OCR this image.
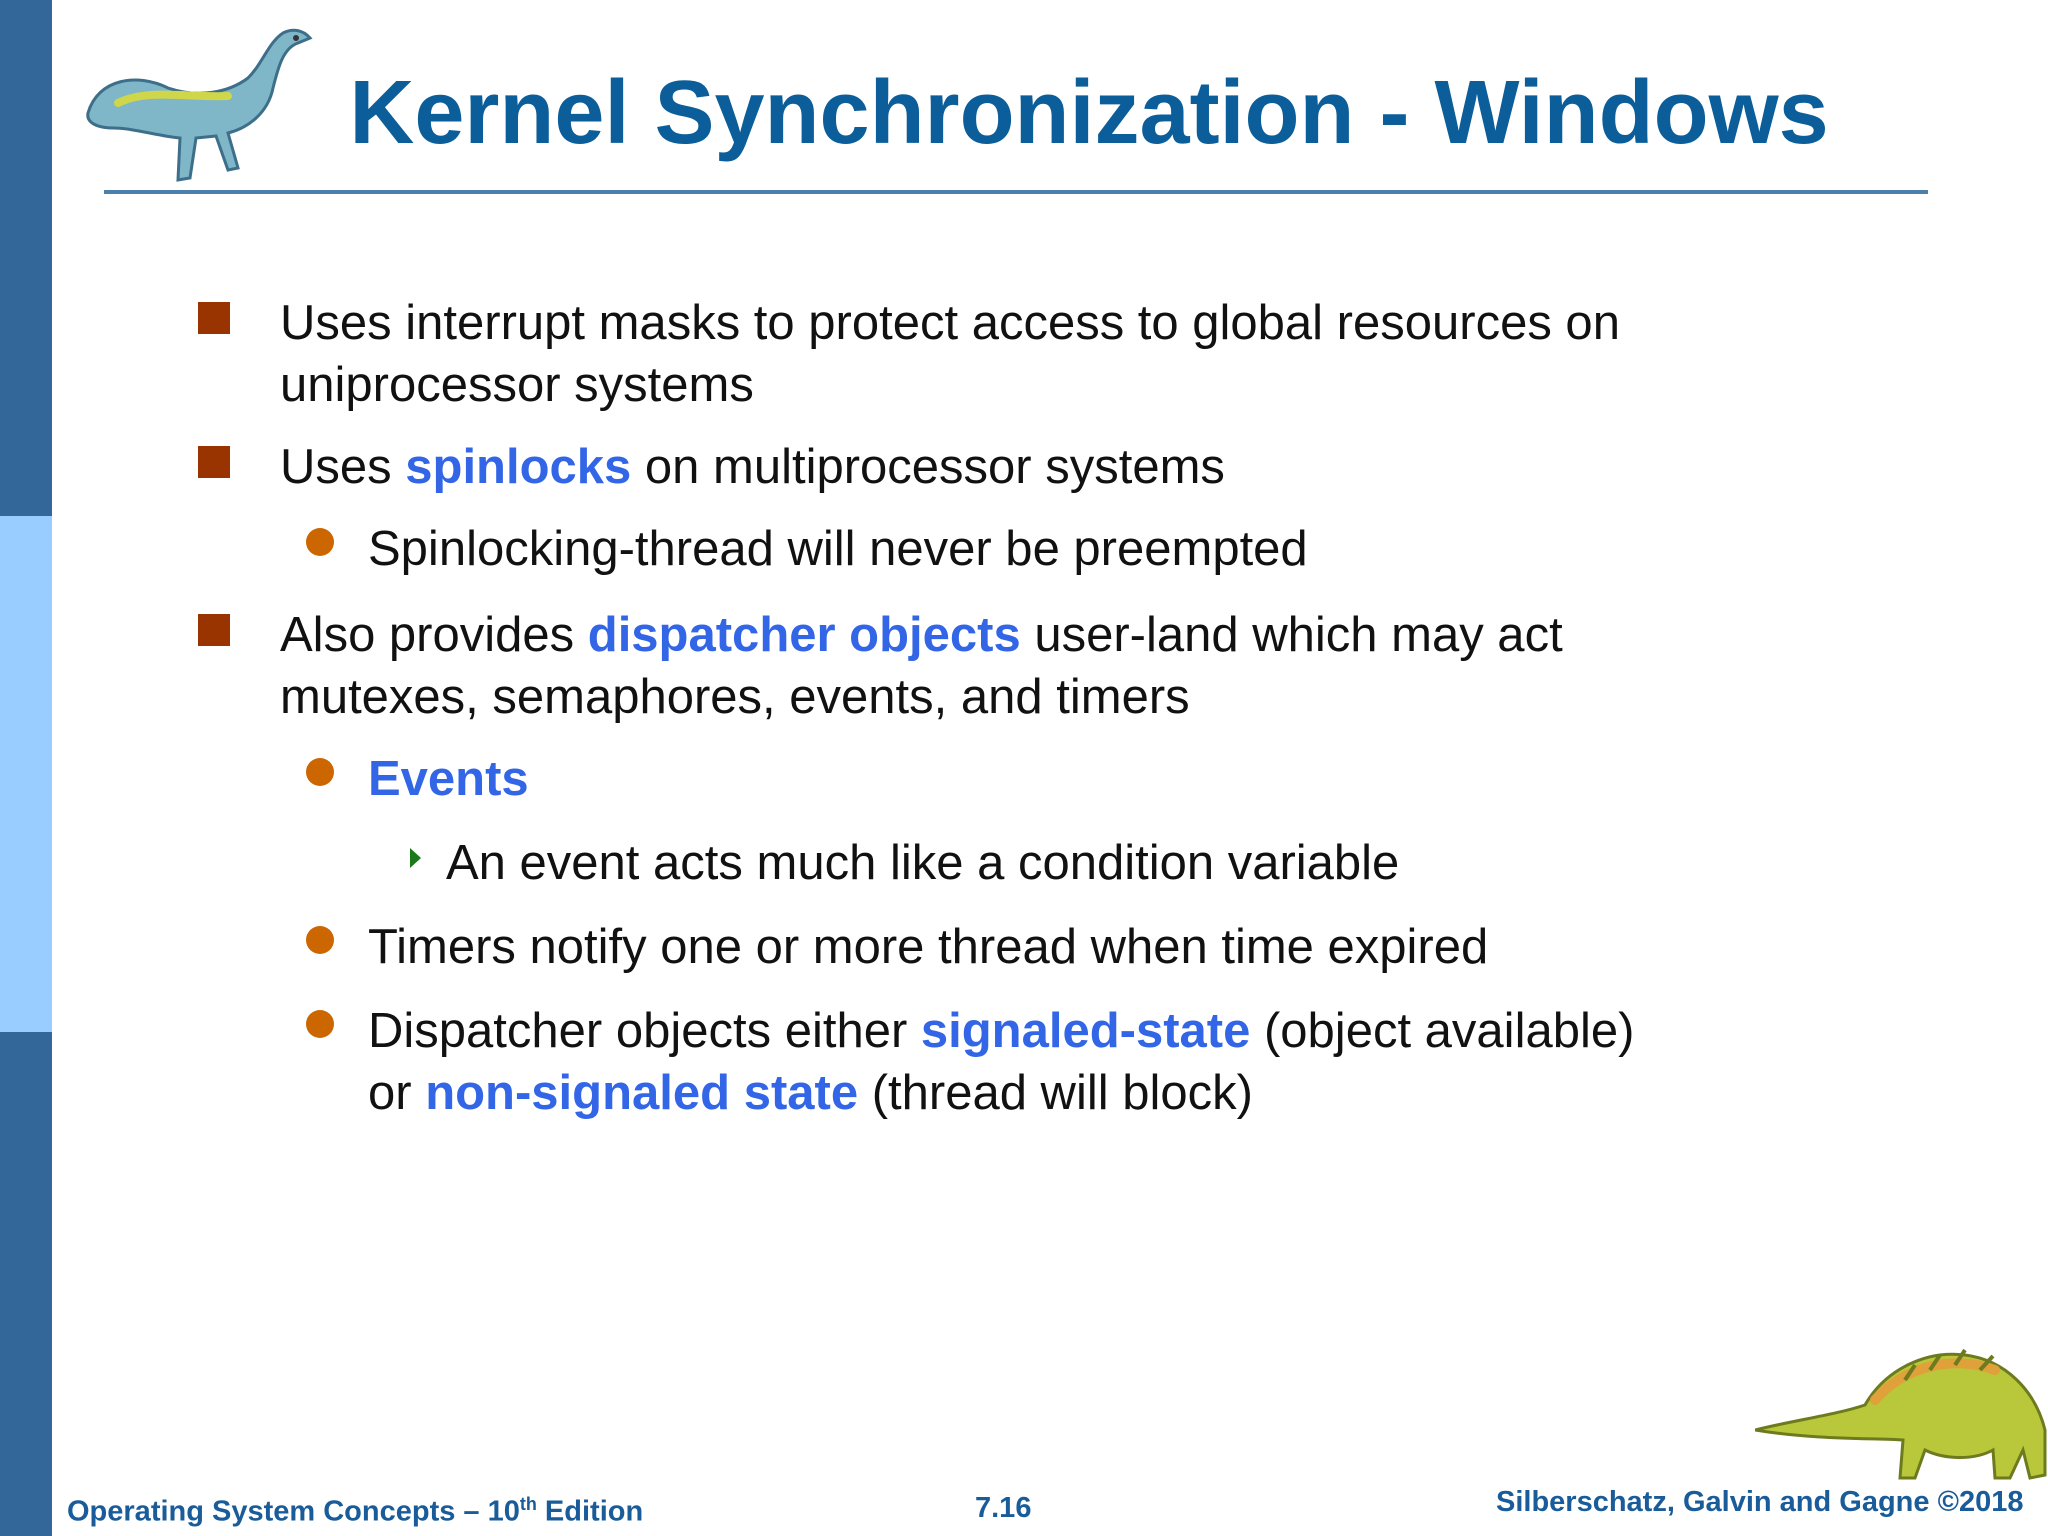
Kernel Synchronization - Windows
Uses interrupt masks to protect access to global resources on
uniprocessor systems
Uses spinlocks on multiprocessor systems
Spinlocking-thread will never be preempted
Also provides dispatcher objects user-land which may act
mutexes, semaphores, events, and timers
Events
An event acts much like a condition variable
Timers notify one or more thread when time expired
Dispatcher objects either signaled-state (object available)
or non-signaled state (thread will block)
Operating System Concepts – 10th Edition	7.16	Silberschatz, Galvin and Gagne ©2018
